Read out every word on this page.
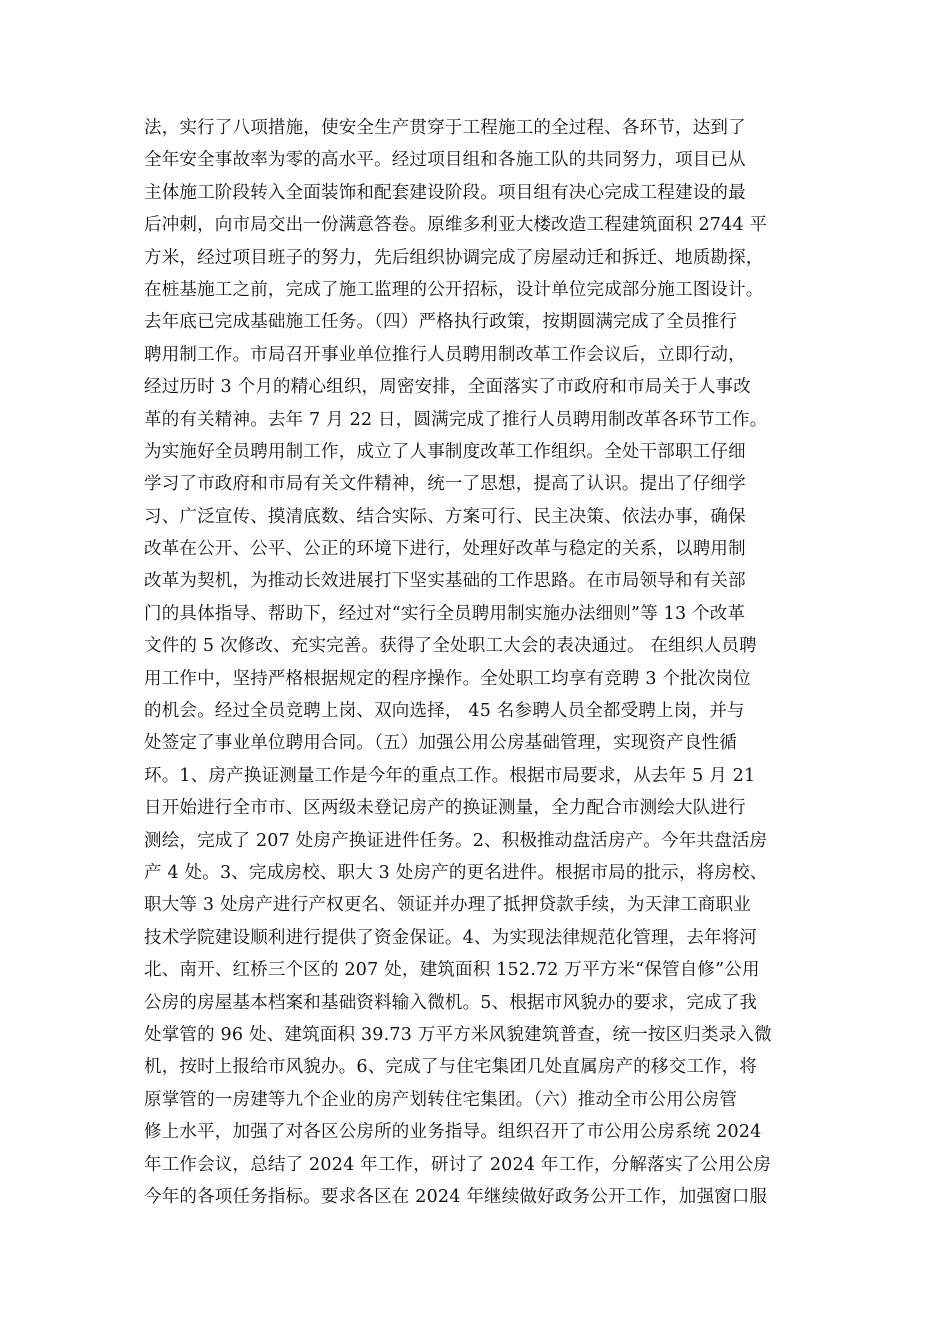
法，实行了八项措施，使安全生产贯穿于工程施工的全过程、各环节，达到了
全年安全事故率为零的高水平。经过项目组和各施工队的共同努力，项目已从
主体施工阶段转入全面装饰和配套建设阶段。项目组有决心完成工程建设的最
后冲刺，向市局交出一份满意答卷。原维多利亚大楼改造工程建筑面积 2744 平
方米，经过项目班子的努力，先后组织协调完成了房屋动迁和拆迁、地质勘探，
在桩基施工之前，完成了施工监理的公开招标，设计单位完成部分施工图设计。
去年底已完成基础施工任务。（四）严格执行政策，按期圆满完成了全员推行
聘用制工作。市局召开事业单位推行人员聘用制改革工作会议后，立即行动，
经过历时 3 个月的精心组织，周密安排，全面落实了市政府和市局关于人事改
革的有关精神。去年 7 月 22 日，圆满完成了推行人员聘用制改革各环节工作。
为实施好全员聘用制工作，成立了人事制度改革工作组织。全处干部职工仔细
学习了市政府和市局有关文件精神，统一了思想，提高了认识。提出了仔细学
习、广泛宣传、摸清底数、结合实际、方案可行、民主决策、依法办事，确保
改革在公开、公平、公正的环境下进行，处理好改革与稳定的关系，以聘用制
改革为契机，为推动长效进展打下坚实基础的工作思路。在市局领导和有关部
门的具体指导、帮助下，经过对“实行全员聘用制实施办法细则”等 13 个改革
文件的 5 次修改、充实完善。获得了全处职工大会的表决通过。 在组织人员聘
用工作中，坚持严格根据规定的程序操作。全处职工均享有竞聘 3 个批次岗位
的机会。经过全员竞聘上岗、双向选择， 45 名参聘人员全都受聘上岗，并与
处签定了事业单位聘用合同。（五）加强公用公房基础管理，实现资产良性循
环。1、房产换证测量工作是今年的重点工作。根据市局要求，从去年 5 月 21
日开始进行全市市、区两级未登记房产的换证测量，全力配合市测绘大队进行
测绘，完成了 207 处房产换证进件任务。2、积极推动盘活房产。今年共盘活房
产 4 处。3、完成房校、职大 3 处房产的更名进件。根据市局的批示，将房校、
职大等 3 处房产进行产权更名、领证并办理了抵押贷款手续，为天津工商职业
技术学院建设顺利进行提供了资金保证。4、为实现法律规范化管理，去年将河
北、南开、红桥三个区的 207 处，建筑面积 152.72 万平方米“保管自修”公用
公房的房屋基本档案和基础资料输入微机。5、根据市风貌办的要求，完成了我
处掌管的 96 处、建筑面积 39.73 万平方米风貌建筑普查，统一按区归类录入微
机，按时上报给市风貌办。6、完成了与住宅集团几处直属房产的移交工作，将
原掌管的一房建等九个企业的房产划转住宅集团。（六）推动全市公用公房管
修上水平，加强了对各区公房所的业务指导。组织召开了市公用公房系统 2024
年工作会议，总结了 2024 年工作，研讨了 2024 年工作，分解落实了公用公房
今年的各项任务指标。要求各区在 2024 年继续做好政务公开工作，加强窗口服
